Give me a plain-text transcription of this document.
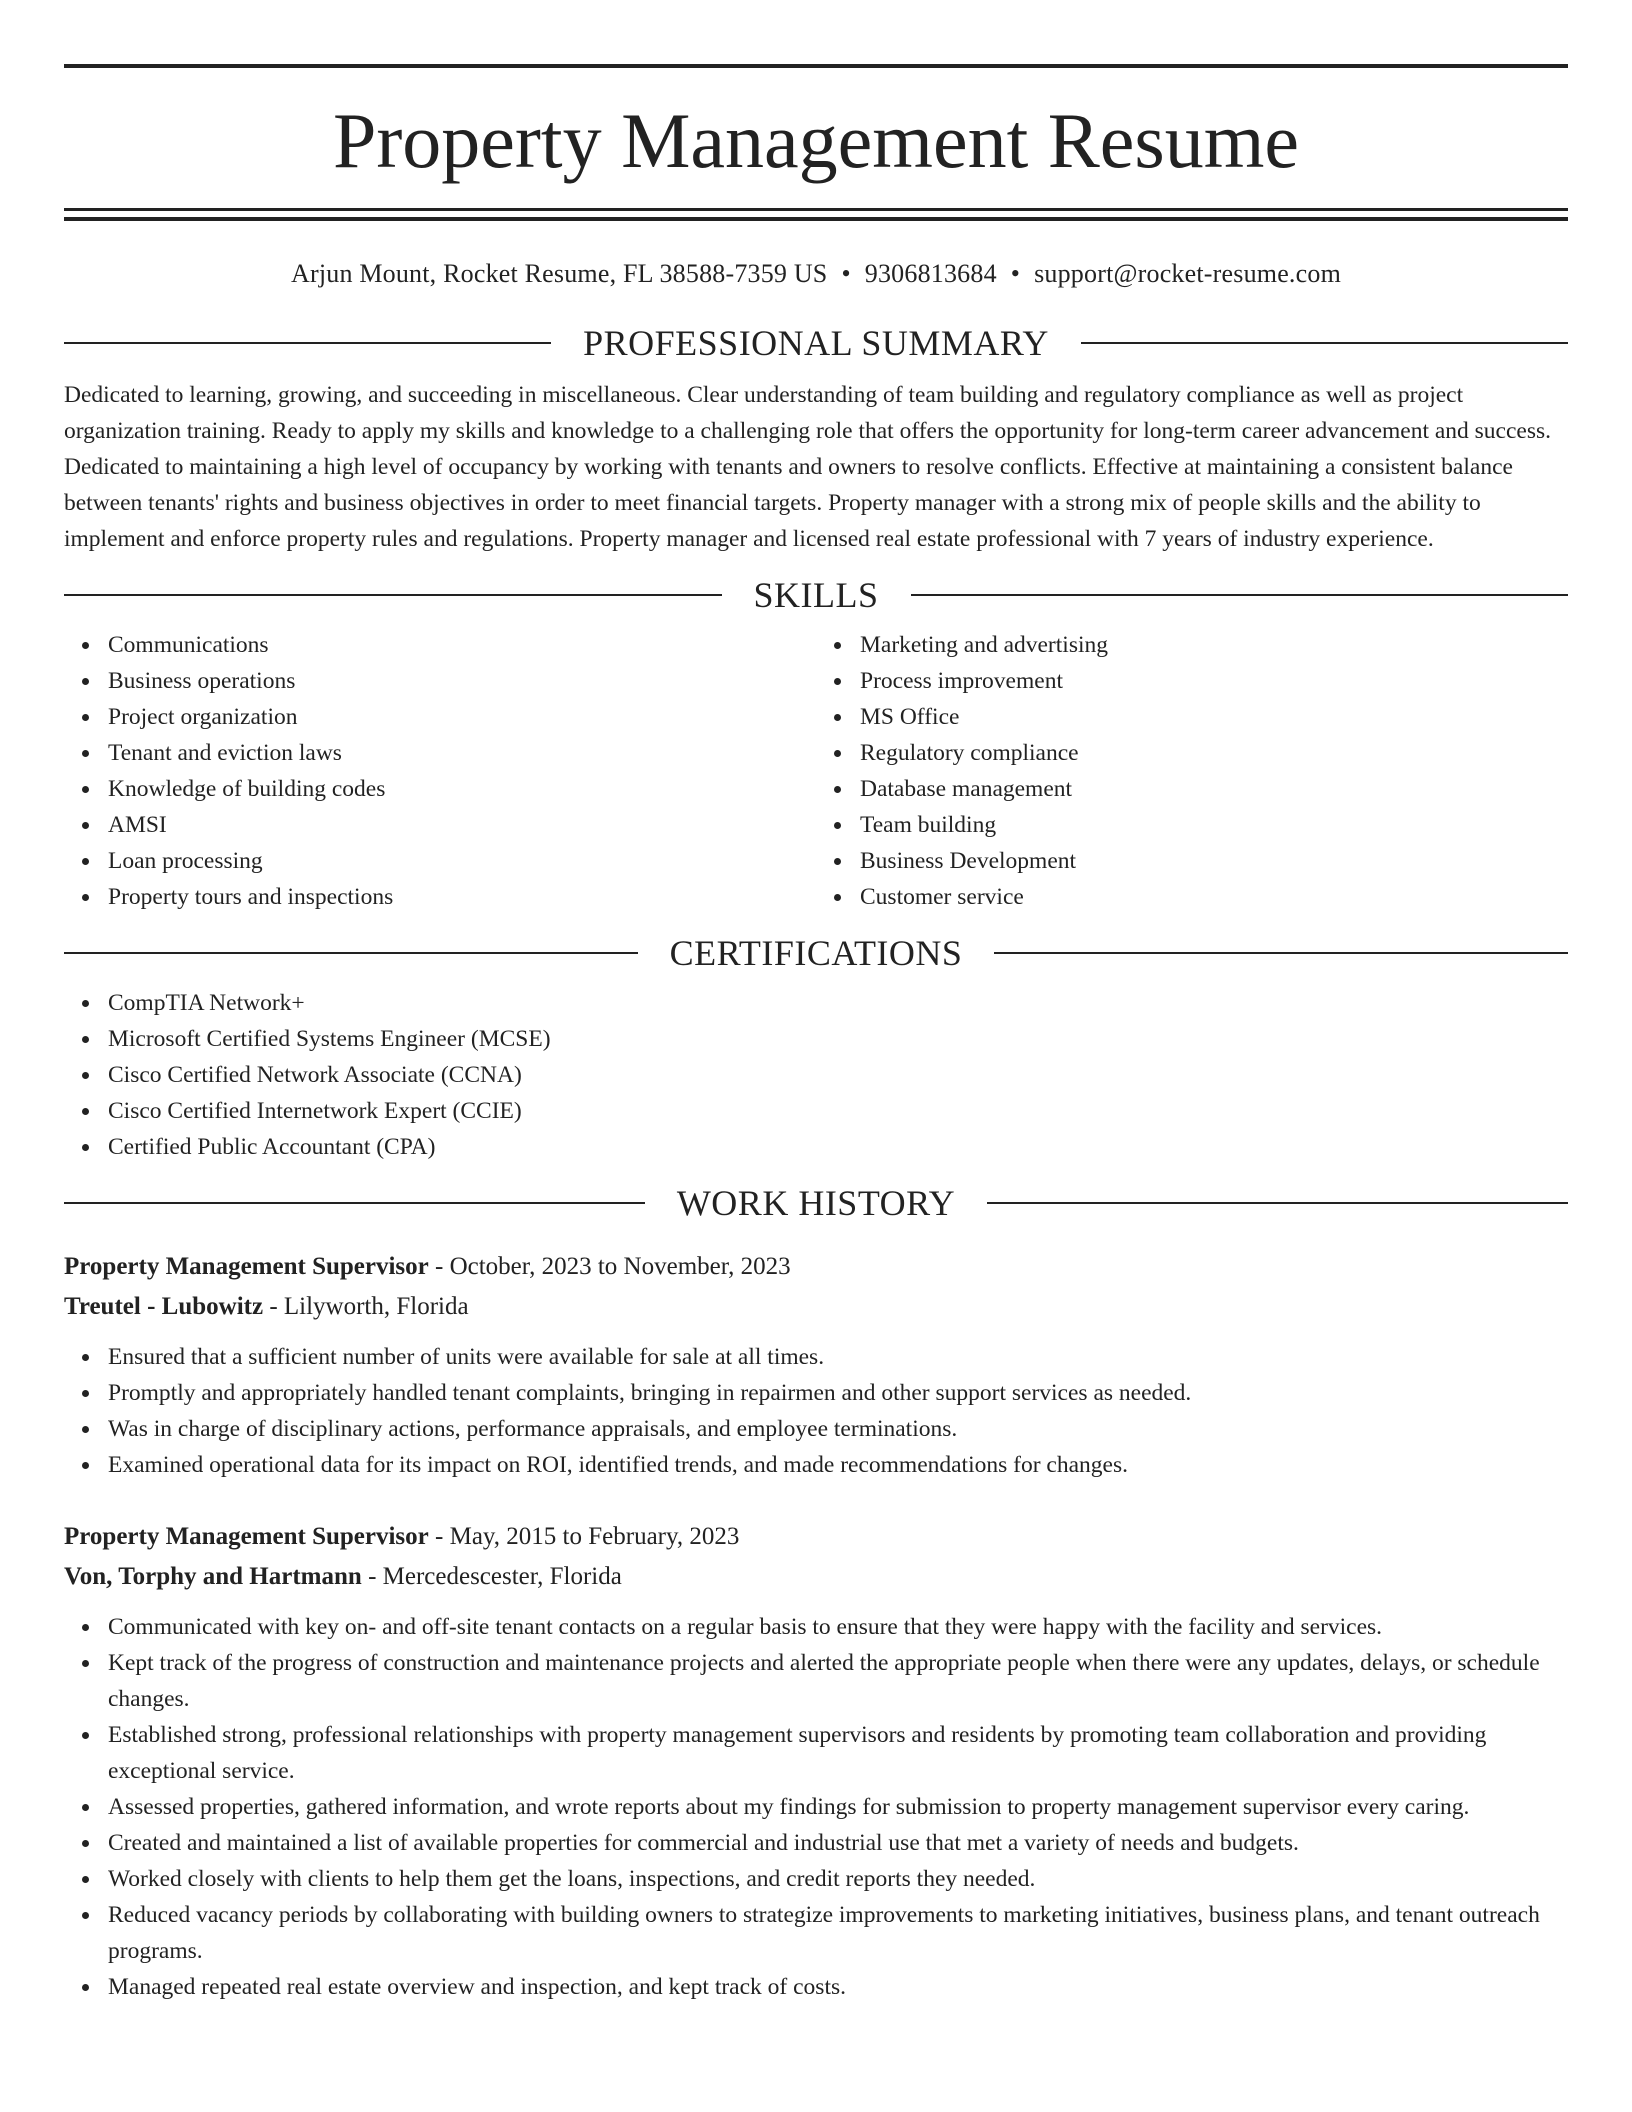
Property Management Resume
Arjun Mount, Rocket Resume, FL 38588-7359 US • 9306813684 • support@rocket-resume.com
PROFESSIONAL SUMMARY

Dedicated to learning, growing, and succeeding in miscellaneous. Clear understanding of team building and regulatory compliance as well as project organization training. Ready to apply my skills and knowledge to a challenging role that offers the opportunity for long-term career advancement and success. Dedicated to maintaining a high level of occupancy by working with tenants and owners to resolve conflicts. Effective at maintaining a consistent balance between tenants' rights and business objectives in order to meet financial targets. Property manager with a strong mix of people skills and the ability to implement and enforce property rules and regulations. Property manager and licensed real estate professional with 7 years of industry experience.

SKILLS
Communications
Business operations
Project organization
Tenant and eviction laws
Knowledge of building codes
AMSI
Loan processing
Property tours and inspections
Marketing and advertising
Process improvement
MS Office
Regulatory compliance
Database management
Team building
Business Development
Customer service
CERTIFICATIONS
CompTIA Network+
Microsoft Certified Systems Engineer (MCSE)
Cisco Certified Network Associate (CCNA)
Cisco Certified Internetwork Expert (CCIE)
Certified Public Accountant (CPA)
WORK HISTORY
Property Management Supervisor - October, 2023 to November, 2023
Treutel - Lubowitz - Lilyworth, Florida
Ensured that a sufficient number of units were available for sale at all times.
Promptly and appropriately handled tenant complaints, bringing in repairmen and other support services as needed.
Was in charge of disciplinary actions, performance appraisals, and employee terminations.
Examined operational data for its impact on ROI, identified trends, and made recommendations for changes.
Property Management Supervisor - May, 2015 to February, 2023
Von, Torphy and Hartmann - Mercedescester, Florida
Communicated with key on- and off-site tenant contacts on a regular basis to ensure that they were happy with the facility and services.
Kept track of the progress of construction and maintenance projects and alerted the appropriate people when there were any updates, delays, or schedule changes.
Established strong, professional relationships with property management supervisors and residents by promoting team collaboration and providing exceptional service.
Assessed properties, gathered information, and wrote reports about my findings for submission to property management supervisor every caring.
Created and maintained a list of available properties for commercial and industrial use that met a variety of needs and budgets.
Worked closely with clients to help them get the loans, inspections, and credit reports they needed.
Reduced vacancy periods by collaborating with building owners to strategize improvements to marketing initiatives, business plans, and tenant outreach programs.
Managed repeated real estate overview and inspection, and kept track of costs.
